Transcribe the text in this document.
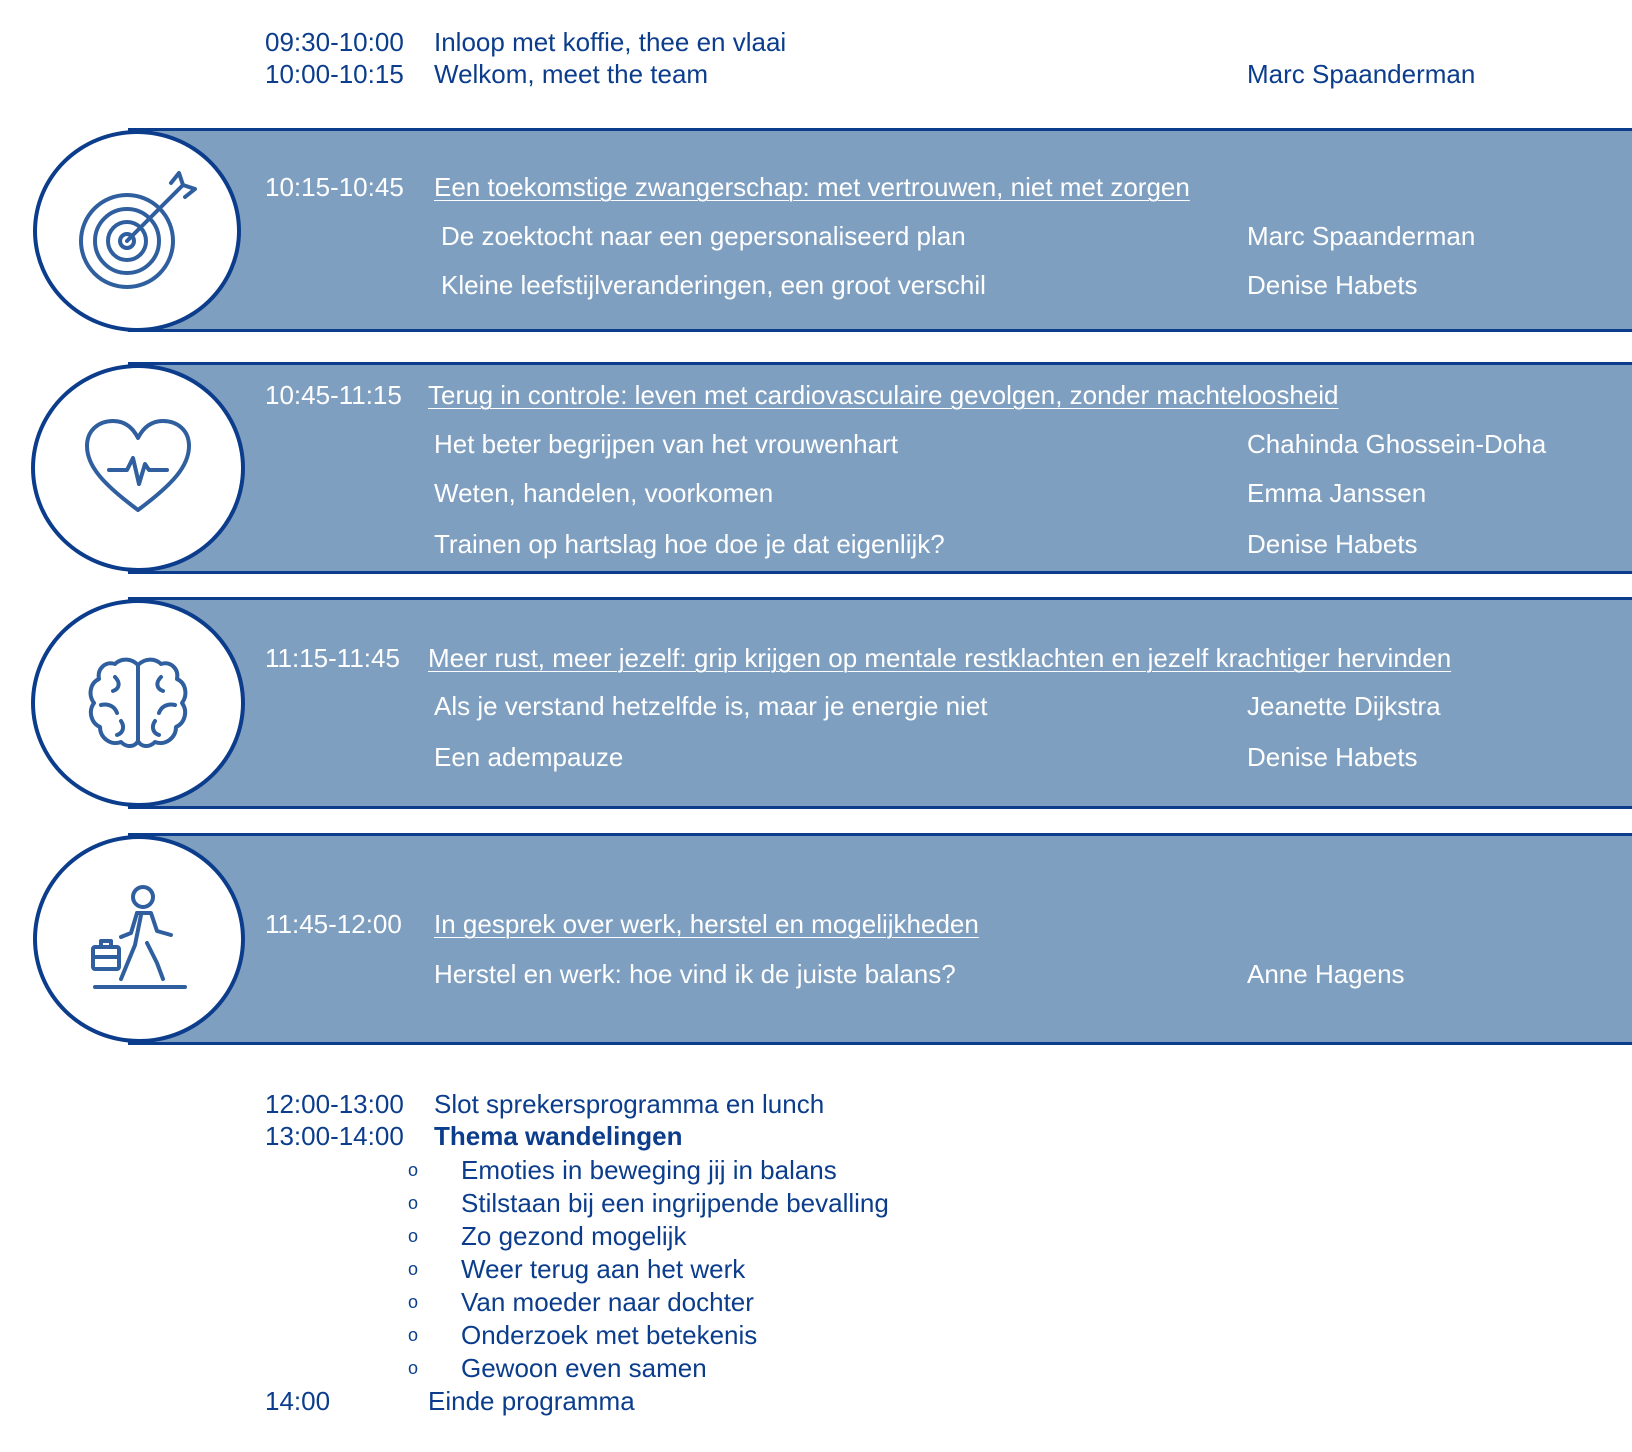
09:30-10:00 Inloop met koffie, thee en vlaai
10:00-10:15 Welkom, meet the team	Marc Spaanderman
10:15-10:45 Een toekomstige zwangerschap: met vertrouwen, niet met zorgen
De zoektocht naar een gepersonaliseerd plan	Marc Spaanderman
Kleine leefstijlveranderingen, een groot verschil	Denise Habets
10:45-11:15 Terug in controle: leven met cardiovasculaire gevolgen, zonder machteloosheid
Het beter begrijpen van het vrouwenhart	Chahinda Ghossein-Doha
Weten, handelen, voorkomen	Emma Janssen
Trainen op hartslag hoe doe je dat eigenlijk?	Denise Habets
11:15-11:45 Meer rust, meer jezelf: grip krijgen op mentale restklachten en jezelf krachtiger hervinden
Als je verstand hetzelfde is, maar je energie niet	Jeanette Dijkstra
Een adempauze	Denise Habets
11:45-12:00 In gesprek over werk, herstel en mogelijkheden
Herstel en werk: hoe vind ik de juiste balans?	Anne Hagens
12:00-13:00 Slot sprekersprogramma en lunch
13:00-14:00 Thema wandelingen
o Emoties in beweging jij in balans
o Stilstaan bij een ingrijpende bevalling
o Zo gezond mogelijk
o Weer terug aan het werk
o Van moeder naar dochter
o Onderzoek met betekenis
o Gewoon even samen
14:00	Einde programma
